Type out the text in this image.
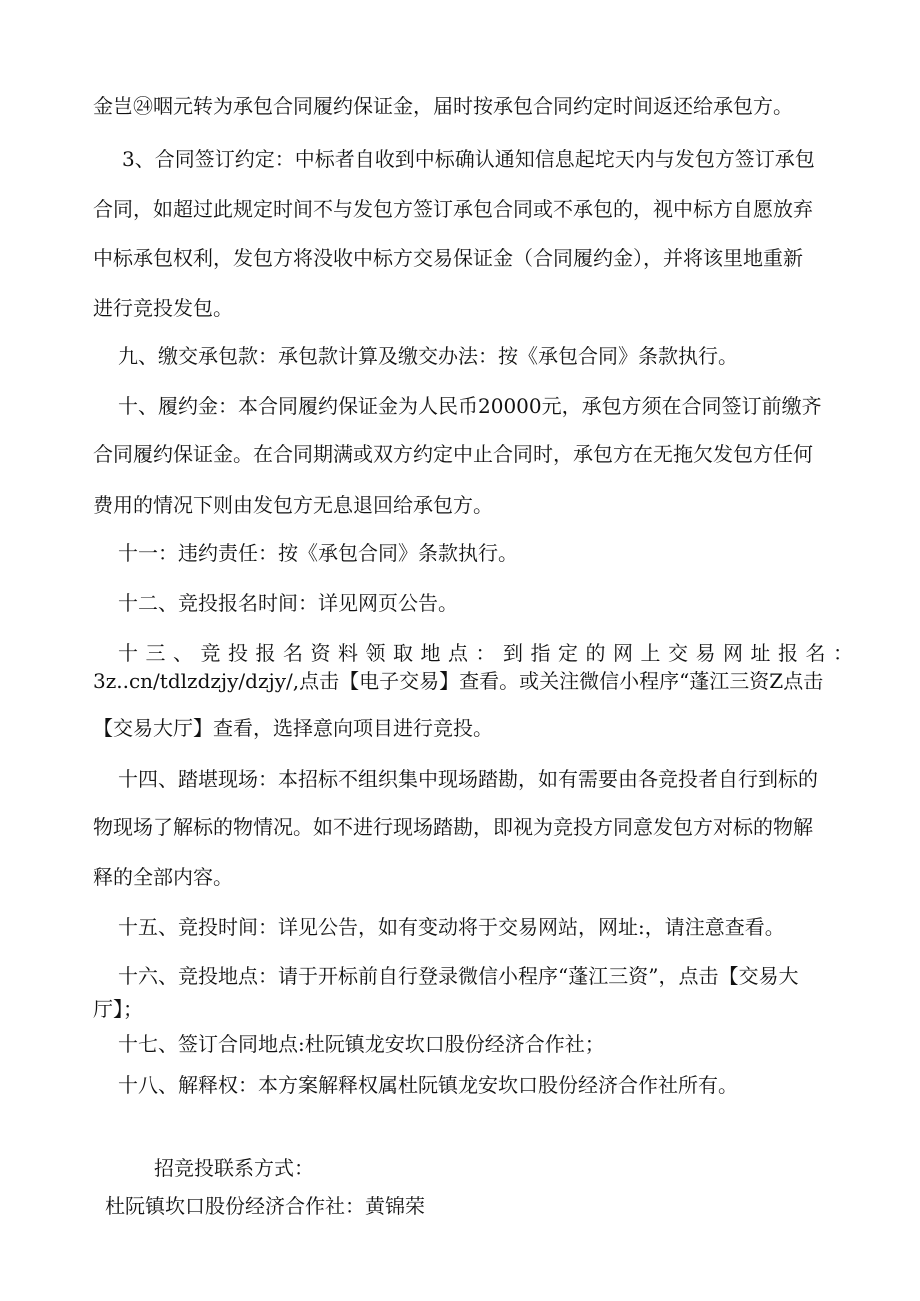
金岂㉔咽元转为承包合同履约保证金，届时按承包合同约定时间返还给承包方。

3、合同签订约定：中标者自收到中标确认通知信息起坨天内与发包方签订承包

合同，如超过此规定时间不与发包方签订承包合同或不承包的，视中标方自愿放弃

中标承包权利，发包方将没收中标方交易保证金（合同履约金），并将该里地重新

进行竞投发包。

九、缴交承包款：承包款计算及缴交办法：按《承包合同》条款执行。

十、履约金：本合同履约保证金为人民币20000元，承包方须在合同签订前缴齐

合同履约保证金。在合同期满或双方约定中止合同时，承包方在无拖欠发包方任何

费用的情况下则由发包方无息退回给承包方。

十一：违约责任：按《承包合同》条款执行。

十二、竞投报名时间：详见网页公告。

十 三 、 竞 投 报 名 资 料 领 取 地 点 ： 到 指 定 的 网 上 交 易 网 址 报 名 ：

3z..cn/tdlzdzjy/dzjy/,点击【电子交易】查看。或关注微信小程序“蓬江三资Z点击

【交易大厅】查看，选择意向项目进行竞投。

十四、踏堪现场：本招标不组织集中现场踏勘，如有需要由各竞投者自行到标的

物现场了解标的物情况。如不进行现场踏勘，即视为竞投方同意发包方对标的物解

释的全部内容。

十五、竞投时间：详见公告，如有变动将于交易网站，网址:，请注意查看。

十六、竞投地点：请于开标前自行登录微信小程序“蓬江三资”，点击【交易大

厅】；

十七、签订合同地点:杜阮镇龙安坎口股份经济合作社；

十八、解释权：本方案解释权属杜阮镇龙安坎口股份经济合作社所有。

招竞投联系方式：

杜阮镇坎口股份经济合作社：黄锦荣
